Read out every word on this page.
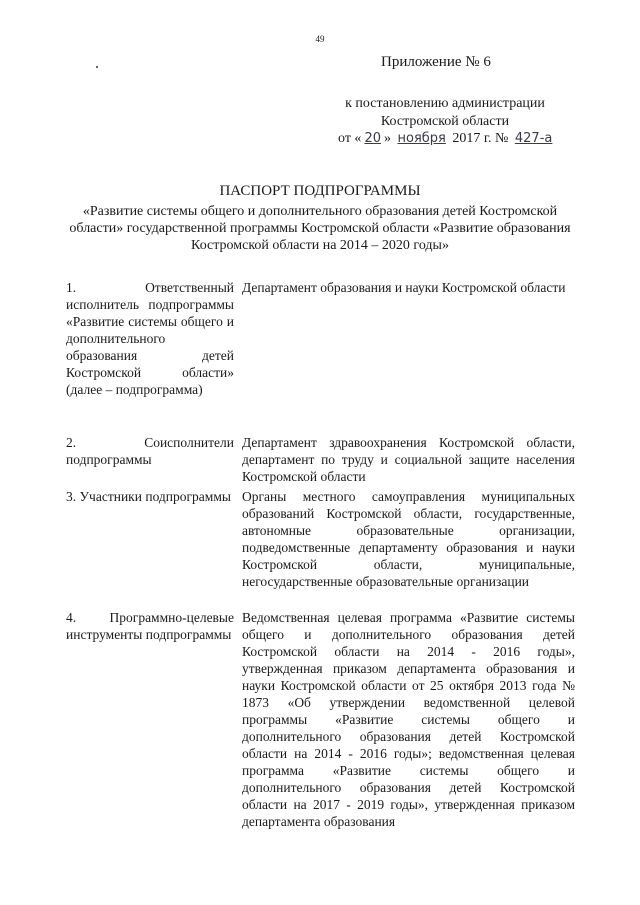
49
Приложение № 6
к постановлению администрации
Костромской области
от « 20 » ноября 2017 г. № 427-а
ПАСПОРТ ПОДПРОГРАММЫ
«Развитие системы общего и дополнительного образования детей Костромской области» государственной программы Костромской области «Развитие образования Костромской области на 2014 – 2020 годы»
1. Ответственный исполнитель подпрограммы «Развитие системы общего и дополнительного образования детей Костромской области» (далее – подпрограмма)
Департамент образования и науки Костромской области
2. Соисполнители подпрограммы
Департамент здравоохранения Костромской области, департамент по труду и социальной защите населения Костромской области
3. Участники подпрограммы Органы местного самоуправления муниципальных образований Костромской области, государственные, автономные образовательные организации, подведомственные департаменту образования и науки Костромской области, муниципальные, негосударственные образовательные организации
4. Программно-целевые инструменты подпрограммы
Ведомственная целевая программа «Развитие системы общего и дополнительного образования детей Костромской области на 2014 - 2016 годы», утвержденная приказом департамента образования и науки Костромской области от 25 октября 2013 года № 1873 «Об утверждении ведомственной целевой программы «Развитие системы общего и дополнительного образования детей Костромской области на 2014 - 2016 годы»; ведомственная целевая программа «Развитие системы общего и дополнительного образования детей Костромской области на 2017 - 2019 годы», утвержденная приказом департамента образования
